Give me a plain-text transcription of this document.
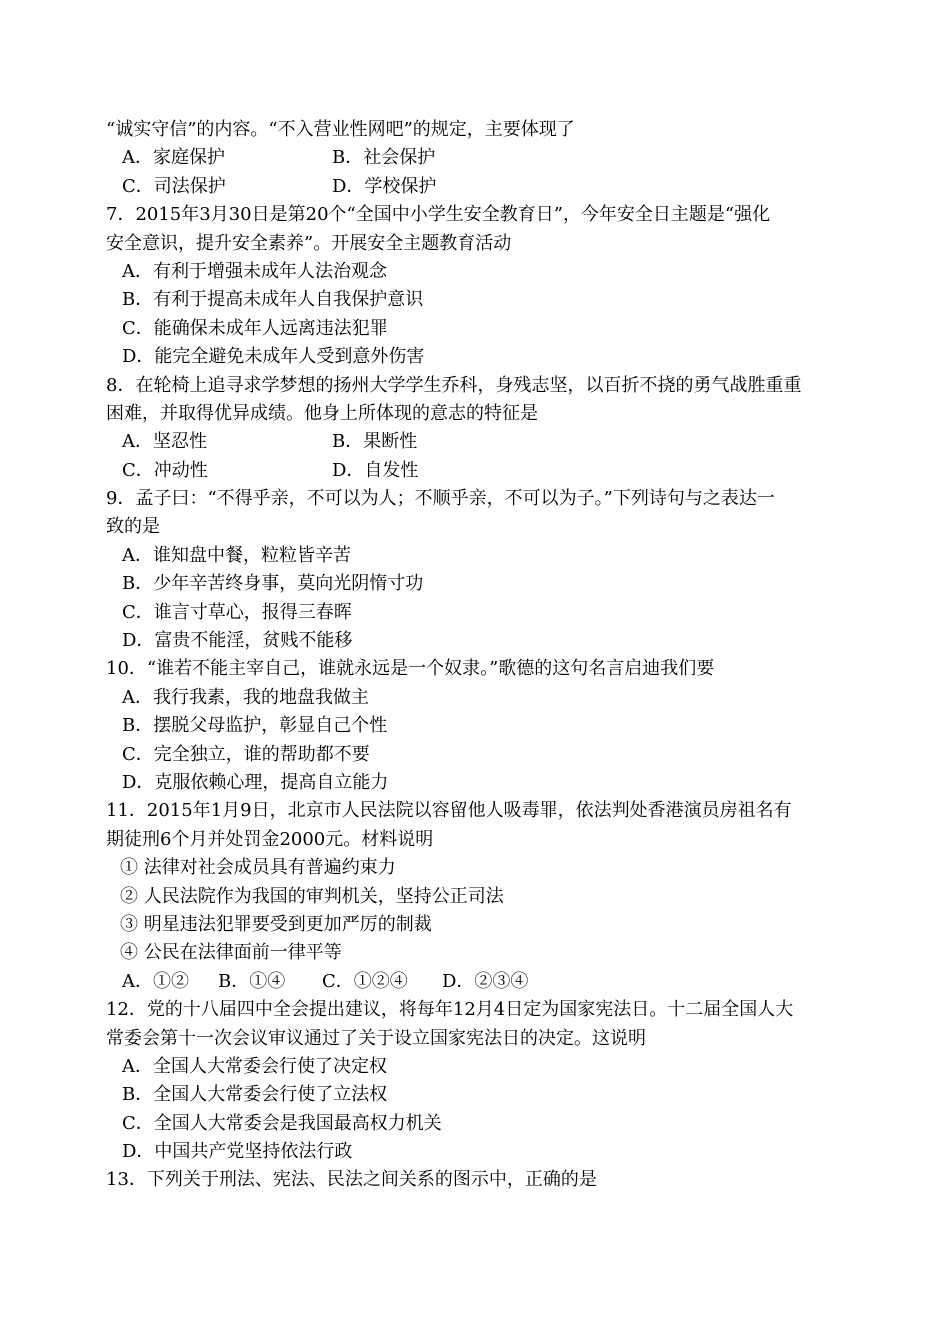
“诚实守信”的内容。“不入营业性网吧”的规定，主要体现了
A．家庭保护	B．社会保护
C．司法保护	D．学校保护
7．2015年3月30日是第20个“全国中小学生安全教育日”，今年安全日主题是“强化
安全意识，提升安全素养”。开展安全主题教育活动
A．有利于增强未成年人法治观念
B．有利于提高未成年人自我保护意识
C．能确保未成年人远离违法犯罪
D．能完全避免未成年人受到意外伤害
8．在轮椅上追寻求学梦想的扬州大学学生乔科，身残志坚，以百折不挠的勇气战胜重重
困难，并取得优异成绩。他身上所体现的意志的特征是
A．坚忍性	B．果断性
C．冲动性	D．自发性
9．孟子曰：“不得乎亲，不可以为人；不顺乎亲，不可以为子。”下列诗句与之表达一
致的是
A．谁知盘中餐，粒粒皆辛苦
B．少年辛苦终身事，莫向光阴惰寸功
C．谁言寸草心，报得三春晖
D．富贵不能淫，贫贱不能移
10．“谁若不能主宰自己，谁就永远是一个奴隶。”歌德的这句名言启迪我们要
A．我行我素，我的地盘我做主
B．摆脱父母监护，彰显自己个性
C．完全独立，谁的帮助都不要
D．克服依赖心理，提高自立能力
11．2015年1月9日，北京市人民法院以容留他人吸毒罪，依法判处香港演员房祖名有
期徒刑6个月并处罚金2000元。材料说明
① 法律对社会成员具有普遍约束力
② 人民法院作为我国的审判机关，坚持公正司法
③ 明星违法犯罪要受到更加严厉的制裁
④ 公民在法律面前一律平等
A．①② B．①④ C．①②④ D．②③④
12．党的十八届四中全会提出建议，将每年12月4日定为国家宪法日。十二届全国人大
常委会第十一次会议审议通过了关于设立国家宪法日的决定。这说明
A．全国人大常委会行使了决定权
B．全国人大常委会行使了立法权
C．全国人大常委会是我国最高权力机关
D．中国共产党坚持依法行政
13．下列关于刑法、宪法、民法之间关系的图示中，正确的是
